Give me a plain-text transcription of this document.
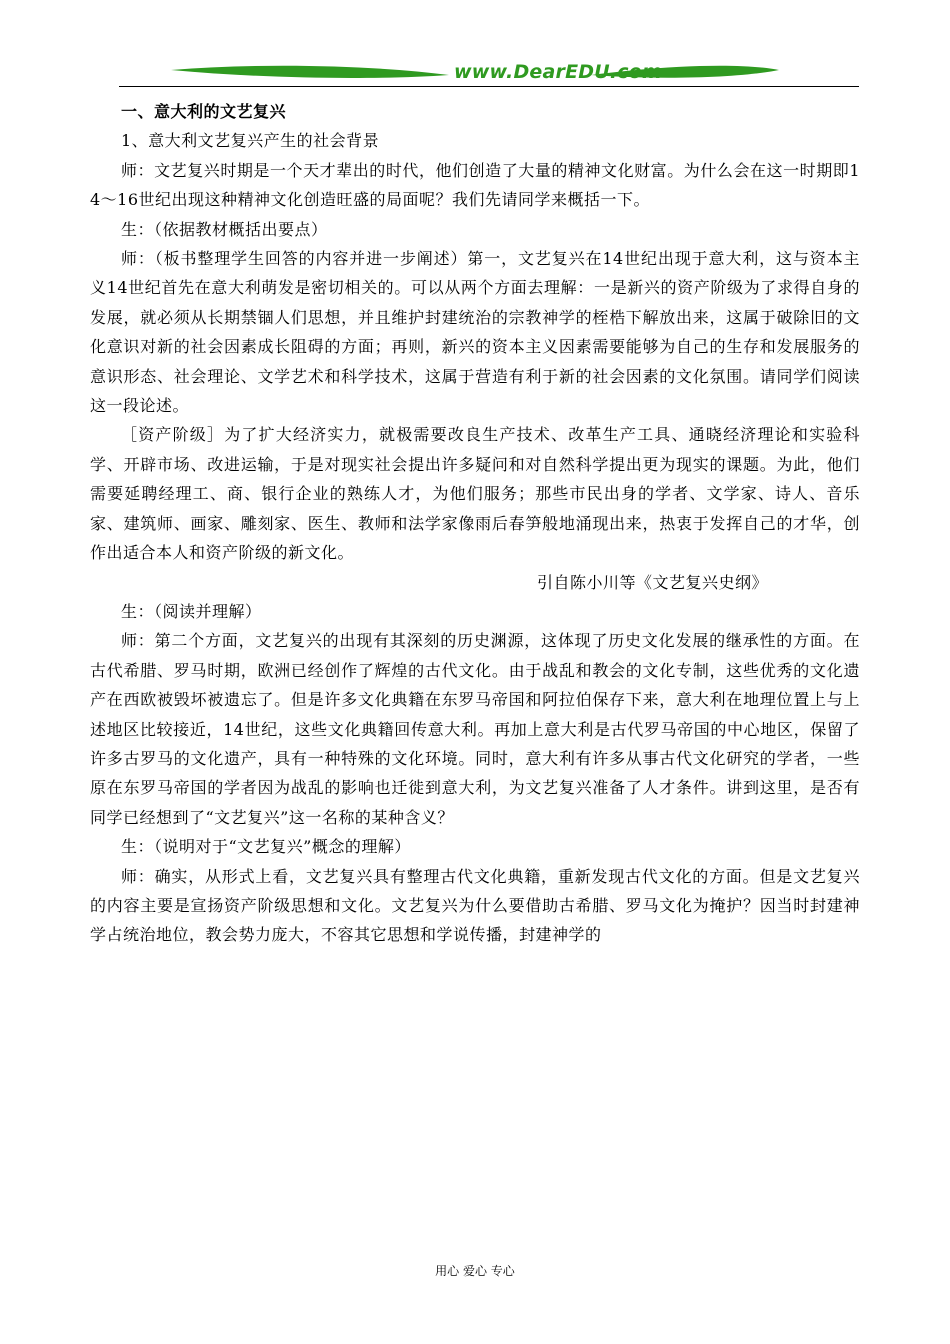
www.DearEDU.com

一、意大利的文艺复兴

1、意大利文艺复兴产生的社会背景

师：文艺复兴时期是一个天才辈出的时代，他们创造了大量的精神文化财富。为什么会在这一时期即14～16世纪出现这种精神文化创造旺盛的局面呢？我们先请同学来概括一下。

生：（依据教材概括出要点）

师：（板书整理学生回答的内容并进一步阐述）第一，文艺复兴在14世纪出现于意大利，这与资本主义14世纪首先在意大利萌发是密切相关的。可以从两个方面去理解：一是新兴的资产阶级为了求得自身的发展，就必须从长期禁锢人们思想，并且维护封建统治的宗教神学的桎梏下解放出来，这属于破除旧的文化意识对新的社会因素成长阻碍的方面；再则，新兴的资本主义因素需要能够为自己的生存和发展服务的意识形态、社会理论、文学艺术和科学技术，这属于营造有利于新的社会因素的文化氛围。请同学们阅读这一段论述。

［资产阶级］为了扩大经济实力，就极需要改良生产技术、改革生产工具、通晓经济理论和实验科学、开辟市场、改进运输，于是对现实社会提出许多疑问和对自然科学提出更为现实的课题。为此，他们需要延聘经理工、商、银行企业的熟练人才，为他们服务；那些市民出身的学者、文学家、诗人、音乐家、建筑师、画家、雕刻家、医生、教师和法学家像雨后春笋般地涌现出来，热衷于发挥自己的才华，创作出适合本人和资产阶级的新文化。

引自陈小川等《文艺复兴史纲》

生：（阅读并理解）

师：第二个方面，文艺复兴的出现有其深刻的历史渊源，这体现了历史文化发展的继承性的方面。在古代希腊、罗马时期，欧洲已经创作了辉煌的古代文化。由于战乱和教会的文化专制，这些优秀的文化遗产在西欧被毁坏被遗忘了。但是许多文化典籍在东罗马帝国和阿拉伯保存下来，意大利在地理位置上与上述地区比较接近，14世纪，这些文化典籍回传意大利。再加上意大利是古代罗马帝国的中心地区，保留了许多古罗马的文化遗产，具有一种特殊的文化环境。同时，意大利有许多从事古代文化研究的学者，一些原在东罗马帝国的学者因为战乱的影响也迁徙到意大利，为文艺复兴准备了人才条件。讲到这里，是否有同学已经想到了“文艺复兴”这一名称的某种含义？

生：（说明对于“文艺复兴”概念的理解）

师：确实，从形式上看，文艺复兴具有整理古代文化典籍，重新发现古代文化的方面。但是文艺复兴的内容主要是宣扬资产阶级思想和文化。文艺复兴为什么要借助古希腊、罗马文化为掩护？因当时封建神学占统治地位，教会势力庞大，不容其它思想和学说传播，封建神学的

用心 爱心 专心
